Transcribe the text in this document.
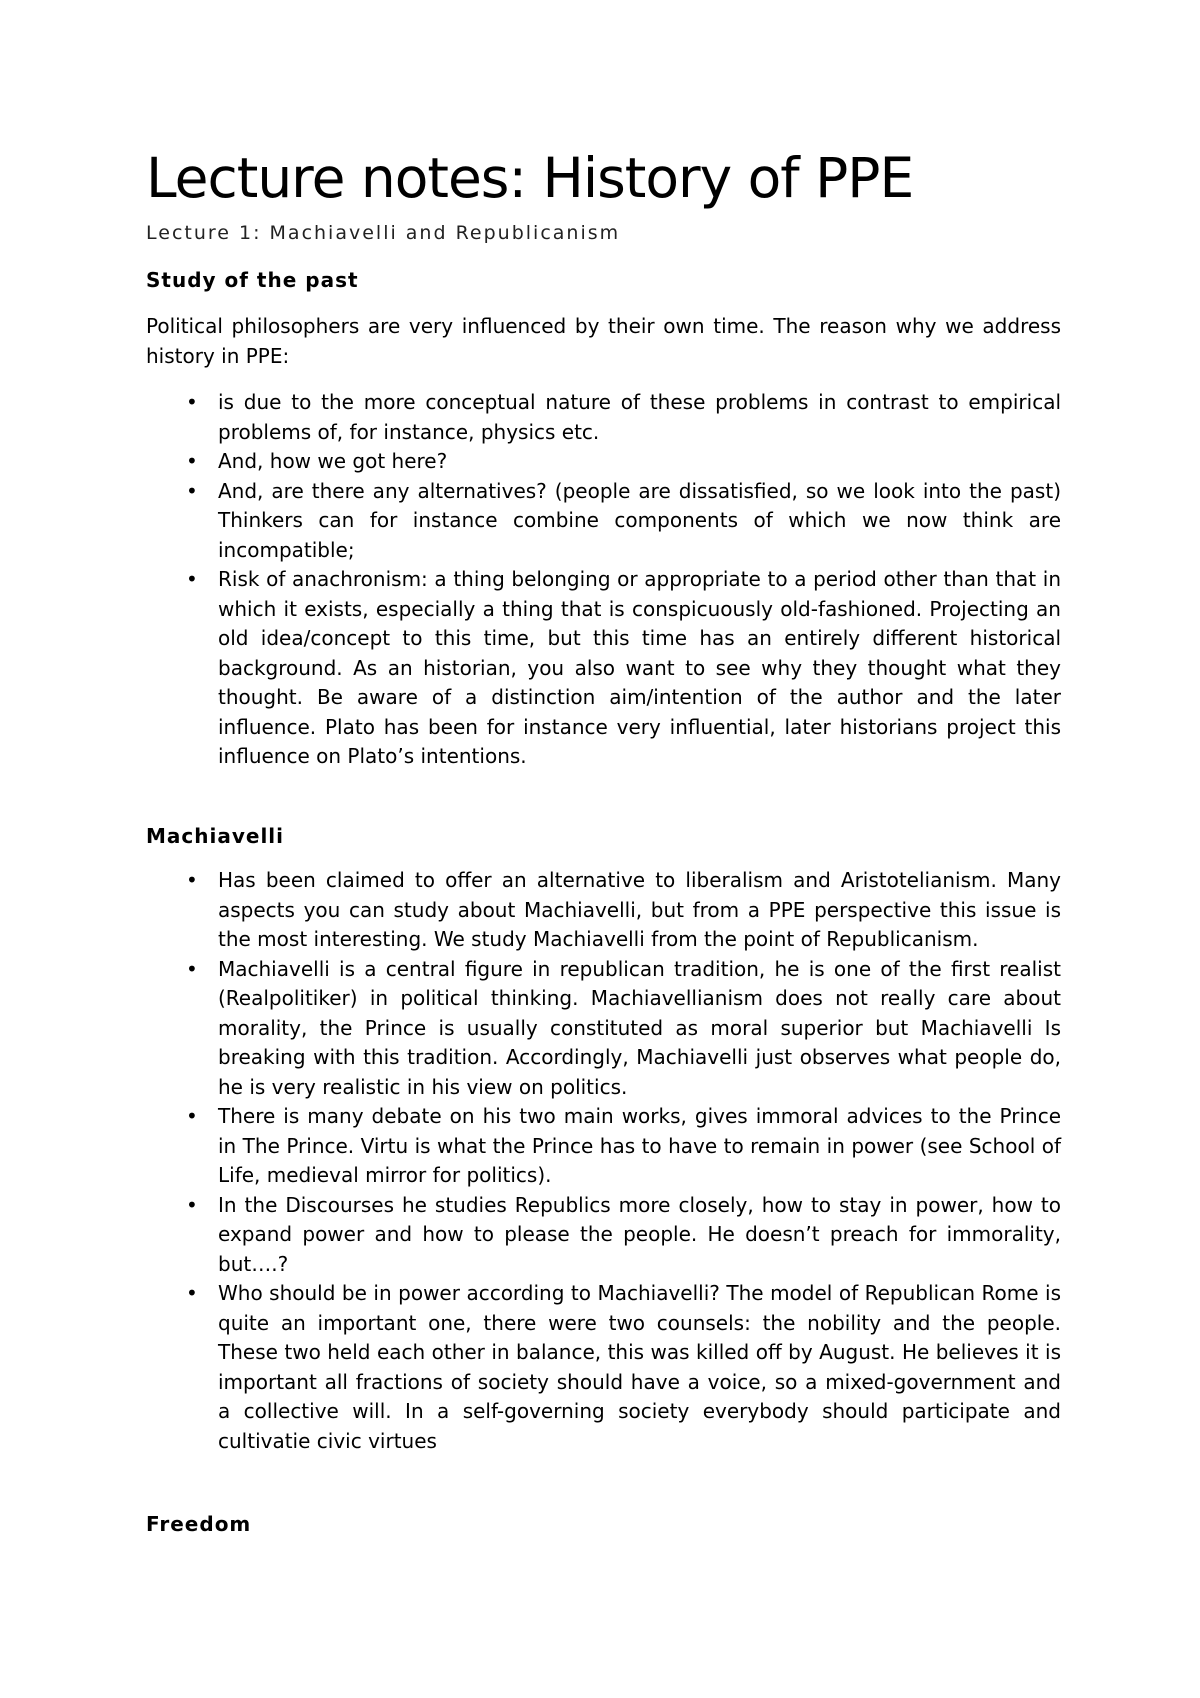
Lecture notes: History of PPE

Lecture 1: Machiavelli and Republicanism

Study of the past

Political philosophers are very influenced by their own time. The reason why we address history in PPE:

• is due to the more conceptual nature of these problems in contrast to empirical problems of, for instance, physics etc.
• And, how we got here?
• And, are there any alternatives? (people are dissatisfied, so we look into the past) Thinkers can for instance combine components of which we now think are incompatible;
• Risk of anachronism: a thing belonging or appropriate to a period other than that in which it exists, especially a thing that is conspicuously old-fashioned. Projecting an old idea/concept to this time, but this time has an entirely different historical background. As an historian, you also want to see why they thought what they thought. Be aware of a distinction aim/intention of the author and the later influence. Plato has been for instance very influential, later historians project this influence on Plato’s intentions.
Machiavelli
• Has been claimed to offer an alternative to liberalism and Aristotelianism. Many aspects you can study about Machiavelli, but from a PPE perspective this issue is the most interesting. We study Machiavelli from the point of Republicanism.
• Machiavelli is a central figure in republican tradition, he is one of the first realist (Realpolitiker) in political thinking. Machiavellianism does not really care about morality, the Prince is usually constituted as moral superior but Machiavelli Is breaking with this tradition. Accordingly, Machiavelli just observes what people do, he is very realistic in his view on politics.
• There is many debate on his two main works, gives immoral advices to the Prince in The Prince. Virtu is what the Prince has to have to remain in power (see School of Life, medieval mirror for politics).
• In the Discourses he studies Republics more closely, how to stay in power, how to expand power and how to please the people. He doesn’t preach for immorality, but….?
• Who should be in power according to Machiavelli? The model of Republican Rome is quite an important one, there were two counsels: the nobility and the people. These two held each other in balance, this was killed off by August. He believes it is important all fractions of society should have a voice, so a mixed-government and a collective will. In a self-governing society everybody should participate and cultivatie civic virtues
Freedom
